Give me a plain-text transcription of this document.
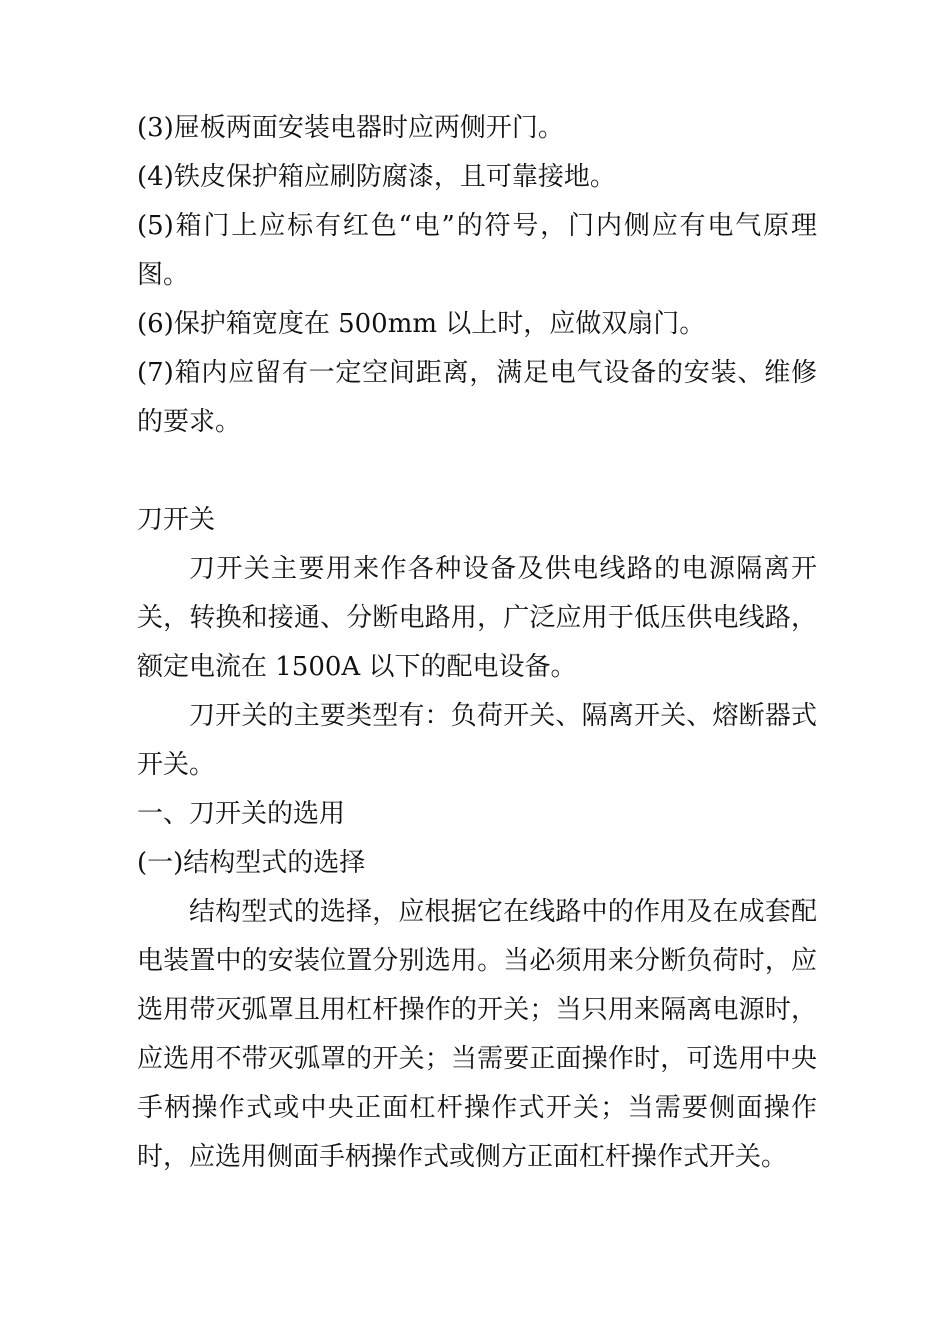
(3)屉板两面安装电器时应两侧开门。

(4)铁皮保护箱应刷防腐漆，且可靠接地。

(5)箱门上应标有红色“电”的符号，门内侧应有电气原理图。

(6)保护箱宽度在 500mm 以上时，应做双扇门。

(7)箱内应留有一定空间距离，满足电气设备的安装、维修的要求。

刀开关

刀开关主要用来作各种设备及供电线路的电源隔离开关，转换和接通、分断电路用，广泛应用于低压供电线路，额定电流在 1500A 以下的配电设备。

刀开关的主要类型有：负荷开关、隔离开关、熔断器式开关。

一、刀开关的选用

(一)结构型式的选择

结构型式的选择，应根据它在线路中的作用及在成套配电装置中的安装位置分别选用。当必须用来分断负荷时，应选用带灭弧罩且用杠杆操作的开关；当只用来隔离电源时，应选用不带灭弧罩的开关；当需要正面操作时，可选用中央手柄操作式或中央正面杠杆操作式开关；当需要侧面操作时，应选用侧面手柄操作式或侧方正面杠杆操作式开关。
